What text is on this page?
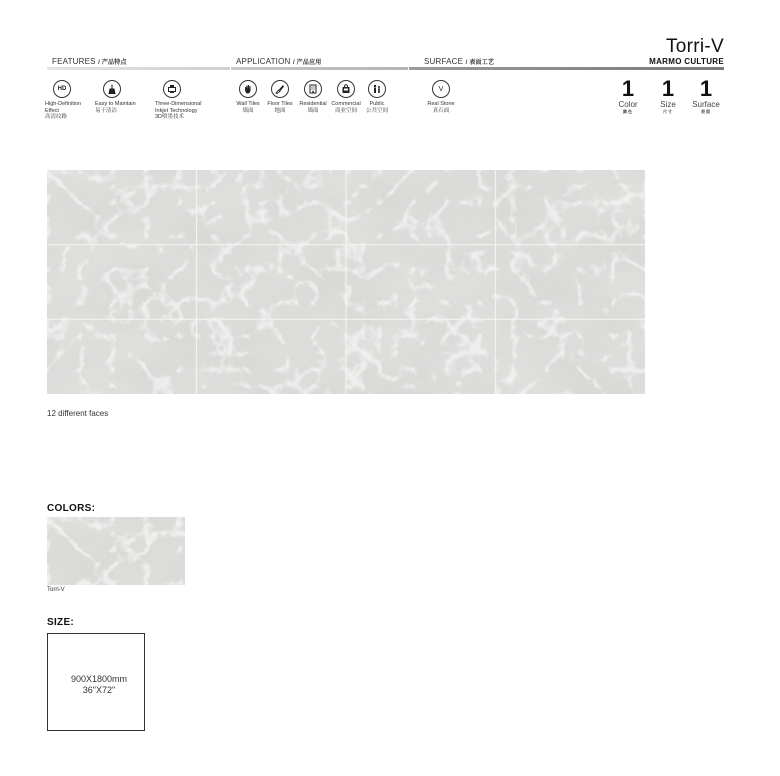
FEATURES / 产品特点	APPLICATION / 产品应用	SURFACE / 表面工艺
Torri-V
MARMO CULTURE
HD
High-Definition
Effect
高清纹路
Easy to Maintain
易于清洁
Three-Dimensional
Inkjet Technology
3D喷墨技术
Wall Tiles
墙面
Floor Tiles
地面
Residential
墙面
Commercial
商业空间
Public
公共空间
V
Real Stone
真石面
1
Color
颜色
1
Size
尺寸
1
Surface
表面
12 different faces
COLORS:
Torri-V
SIZE:
900X1800mm
36"X72"
